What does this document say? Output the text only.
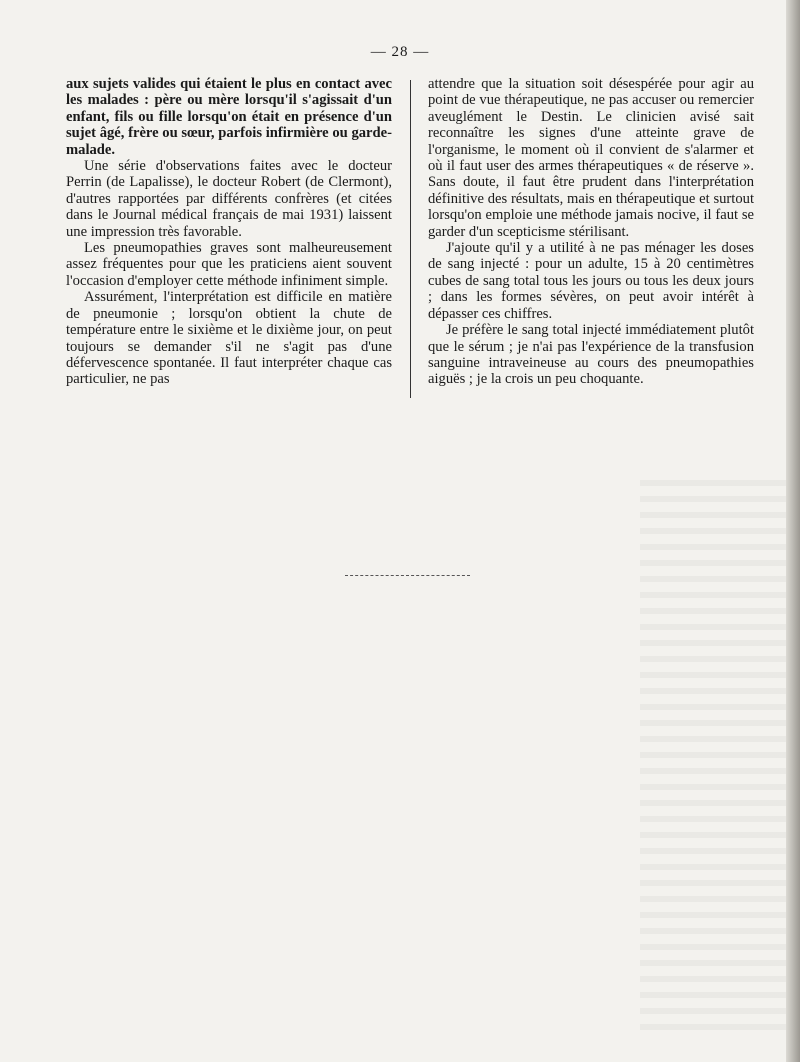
— 28 —

aux sujets valides qui étaient le plus en contact avec les malades : père ou mère lorsqu'il s'agissait d'un enfant, fils ou fille lorsqu'on était en présence d'un sujet âgé, frère ou sœur, parfois infirmière ou garde-malade.

Une série d'observations faites avec le docteur Perrin (de Lapalisse), le docteur Robert (de Clermont), d'autres rapportées par différents confrères (et citées dans le Journal médical français de mai 1931) laissent une impression très favorable.

Les pneumopathies graves sont malheureusement assez fréquentes pour que les praticiens aient souvent l'occasion d'employer cette méthode infiniment simple.

Assurément, l'interprétation est difficile en matière de pneumonie ; lorsqu'on obtient la chute de température entre le sixième et le dixième jour, on peut toujours se demander s'il ne s'agit pas d'une défervescence spontanée. Il faut interpréter chaque cas particulier, ne pas

attendre que la situation soit désespérée pour agir au point de vue thérapeutique, ne pas accuser ou remercier aveuglément le Destin. Le clinicien avisé sait reconnaître les signes d'une atteinte grave de l'organisme, le moment où il convient de s'alarmer et où il faut user des armes thérapeutiques « de réserve ». Sans doute, il faut être prudent dans l'interprétation définitive des résultats, mais en thérapeutique et surtout lorsqu'on emploie une méthode jamais nocive, il faut se garder d'un scepticisme stérilisant.

J'ajoute qu'il y a utilité à ne pas ménager les doses de sang injecté : pour un adulte, 15 à 20 centimètres cubes de sang total tous les jours ou tous les deux jours ; dans les formes sévères, on peut avoir intérêt à dépasser ces chiffres.

Je préfère le sang total injecté immédiatement plutôt que le sérum ; je n'ai pas l'expérience de la transfusion sanguine intraveineuse au cours des pneumopathies aiguës ; je la crois un peu choquante.
